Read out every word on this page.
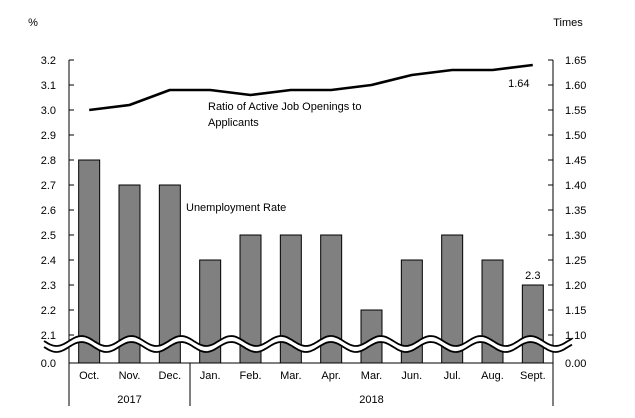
0.0
2.1
2.2
2.3
2.4
2.5
2.6
2.7
2.8
2.9
3.0
3.1
3.2
0.00
1.10
1.15
1.20
1.25
1.30
1.35
1.40
1.45
1.50
1.55
1.60
1.65
%	Times
1.64
2.3
Ratio of Active Job Openings to
Applicants
Unemployment Rate
Oct. Nov. Dec. Jan. Feb. Mar. Apr. Mar. Jun. Jul. Aug. Sept.
2017	2018
